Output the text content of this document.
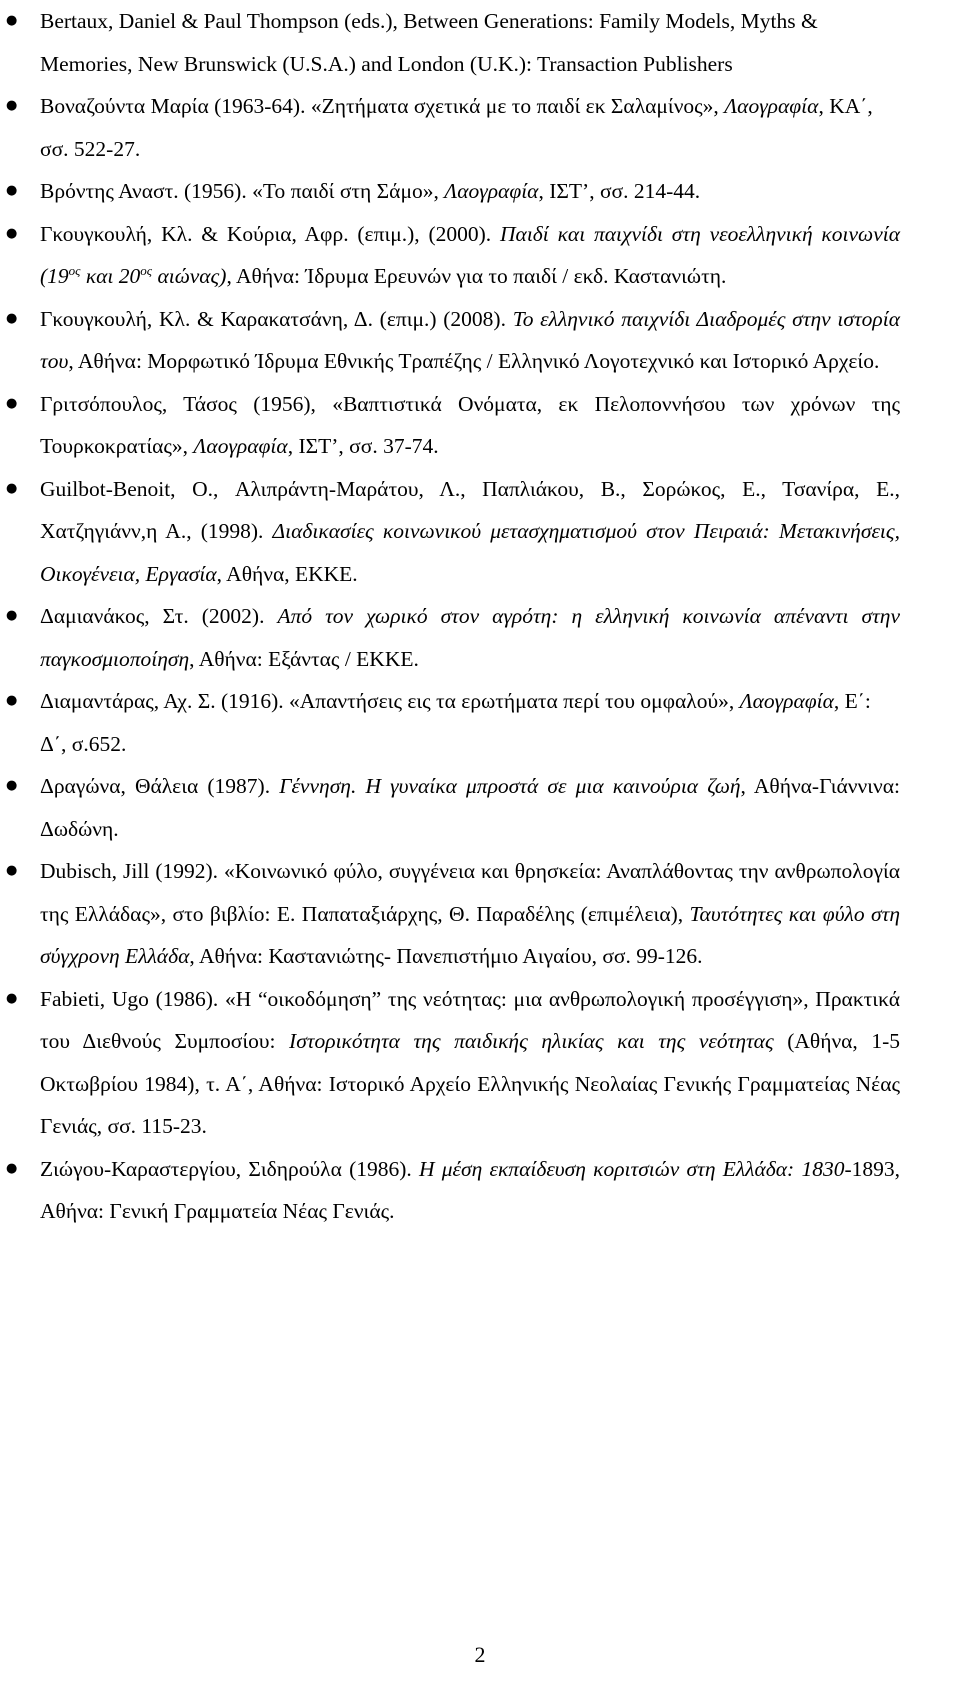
● Bertaux, Daniel & Paul Thompson (eds.), Between Generations: Family Models, Myths & Memories, New Brunswick (U.S.A.) and London (U.K.): Transaction Publishers
● Βοναζούντα Μαρία (1963-64). «Ζητήματα σχετικά με το παιδί εκ Σαλαμίνος», Λαογραφία, ΚΑ΄, σσ. 522-27.
● Βρόντης Αναστ. (1956). «Το παιδί στη Σάμο», Λαογραφία, ΙΣΤ’, σσ. 214-44.
● Γκουγκουλή, Κλ. & Κούρια, Αφρ. (επιμ.), (2000). Παιδί και παιχνίδι στη νεοελληνική κοινωνία ($19^{o\varsigma}$ και $20^{o\varsigma}$ αιώνας), Αθήνα: Ίδρυμα Ερευνών για το παιδί / εκδ. Καστανιώτη.
● Γκουγκουλή, Κλ. & Καρακατσάνη, Δ. (επιμ.) (2008). Το ελληνικό παιχνίδι Διαδρομές στην ιστορία του, Αθήνα: Μορφωτικό Ίδρυμα Εθνικής Τραπέζης / Ελληνικό Λογοτεχνικό και Ιστορικό Αρχείο.
● Γριτσόπουλος, Τάσος (1956), «Βαπτιστικά Ονόματα, εκ Πελοποννήσου των χρόνων της Τουρκοκρατίας», Λαογραφία, ΙΣΤ’, σσ. 37-74.
● Guilbot-Benoit, O., Αλιπράντη-Μαράτου, Λ., Παπλιάκου, Β., Σορώκος, Ε., Τσανίρα, Ε., Χατζηγιάνν,η Α., (1998). Διαδικασίες κοινωνικού μετασχηματισμού στον Πειραιά: Μετακινήσεις, Οικογένεια, Εργασία, Αθήνα, ΕΚΚΕ.
● Δαμιανάκος, Στ. (2002). Από τον χωρικό στον αγρότη: η ελληνική κοινωνία απέναντι στην παγκοσμιοποίηση, Αθήνα: Εξάντας / ΕΚΚΕ.
● Διαμαντάρας, Αχ. Σ. (1916). «Απαντήσεις εις τα ερωτήματα περί του ομφαλού», Λαογραφία, Ε΄: Δ΄, σ.652.
● Δραγώνα, Θάλεια (1987). Γέννηση. Η γυναίκα μπροστά σε μια καινούρια ζωή, Αθήνα-Γιάννινα: Δωδώνη.
● Dubisch, Jill (1992). «Κοινωνικό φύλο, συγγένεια και θρησκεία: Αναπλάθοντας την ανθρωπολογία της Ελλάδας», στο βιβλίο: Ε. Παπαταξιάρχης, Θ. Παραδέλης (επιμέλεια), Ταυτότητες και φύλο στη σύγχρονη Ελλάδα, Αθήνα: Καστανιώτης- Πανεπιστήμιο Αιγαίου, σσ. 99-126.
● Fabieti, Ugo (1986). «Η “οικοδόμηση” της νεότητας: μια ανθρωπολογική προσέγγιση», Πρακτικά του Διεθνούς Συμποσίου: Ιστορικότητα της παιδικής ηλικίας και της νεότητας (Αθήνα, 1-5 Οκτωβρίου 1984), τ. Α΄, Αθήνα: Ιστορικό Αρχείο Ελληνικής Νεολαίας Γενικής Γραμματείας Νέας Γενιάς, σσ. 115-23.
● Ζιώγου-Καραστεργίου, Σιδηρούλα (1986). Η μέση εκπαίδευση κοριτσιών στη Ελλάδα: 1830-1893, Αθήνα: Γενική Γραμματεία Νέας Γενιάς.
2
